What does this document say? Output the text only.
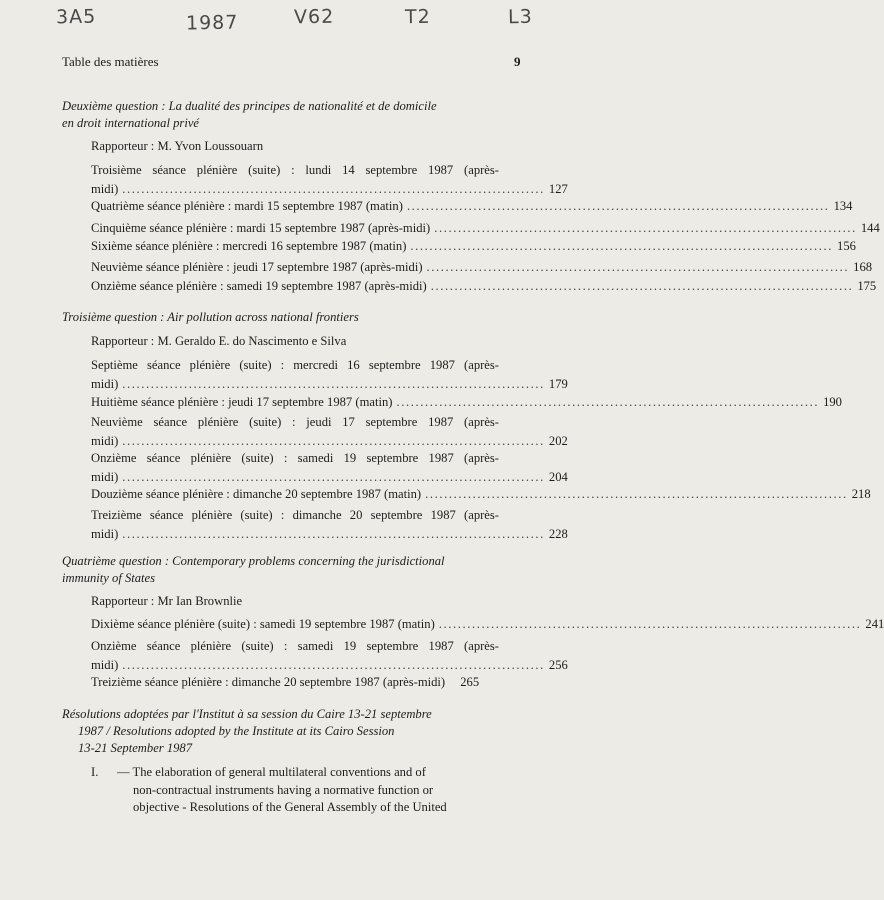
3A5	1987	V62	T2	L3
Table des matières	9
Deuxième question : La dualité des principes de nationalité et de domicile
en droit international privé
Rapporteur : M. Yvon Loussouarn
Troisième séance plénière (suite) : lundi 14 septembre 1987 (après-
midi) ......................................................................................... 127
Quatrième séance plénière : mardi 15 septembre 1987 (matin) ......................................................................................... 134
Cinquième séance plénière : mardi 15 septembre 1987 (après-midi) ......................................................................................... 144
Sixième séance plénière : mercredi 16 septembre 1987 (matin) ......................................................................................... 156
Neuvième séance plénière : jeudi 17 septembre 1987 (après-midi) ......................................................................................... 168
Onzième séance plénière : samedi 19 septembre 1987 (après-midi) ......................................................................................... 175
Troisième question : Air pollution across national frontiers
Rapporteur : M. Geraldo E. do Nascimento e Silva
Septième séance plénière (suite) : mercredi 16 septembre 1987 (après-
midi) ......................................................................................... 179
Huitième séance plénière : jeudi 17 septembre 1987 (matin) ......................................................................................... 190
Neuvième séance plénière (suite) : jeudi 17 septembre 1987 (après-
midi) ......................................................................................... 202
Onzième séance plénière (suite) : samedi 19 septembre 1987 (après-
midi) ......................................................................................... 204
Douzième séance plénière : dimanche 20 septembre 1987 (matin) ......................................................................................... 218
Treizième séance plénière (suite) : dimanche 20 septembre 1987 (après-
midi) ......................................................................................... 228
Quatrième question : Contemporary problems concerning the jurisdictional
immunity of States
Rapporteur : Mr Ian Brownlie
Dixième séance plénière (suite) : samedi 19 septembre 1987 (matin) ......................................................................................... 241
Onzième séance plénière (suite) : samedi 19 septembre 1987 (après-
midi) ......................................................................................... 256
Treizième séance plénière : dimanche 20 septembre 1987 (après-midi)	265
Résolutions adoptées par l'Institut à sa session du Caire 13-21 septembre
1987 / Resolutions adopted by the Institute at its Cairo Session
13-21 September 1987
I. — The elaboration of general multilateral conventions and of
non-contractual instruments having a normative function or
objective - Resolutions of the General Assembly of the United
